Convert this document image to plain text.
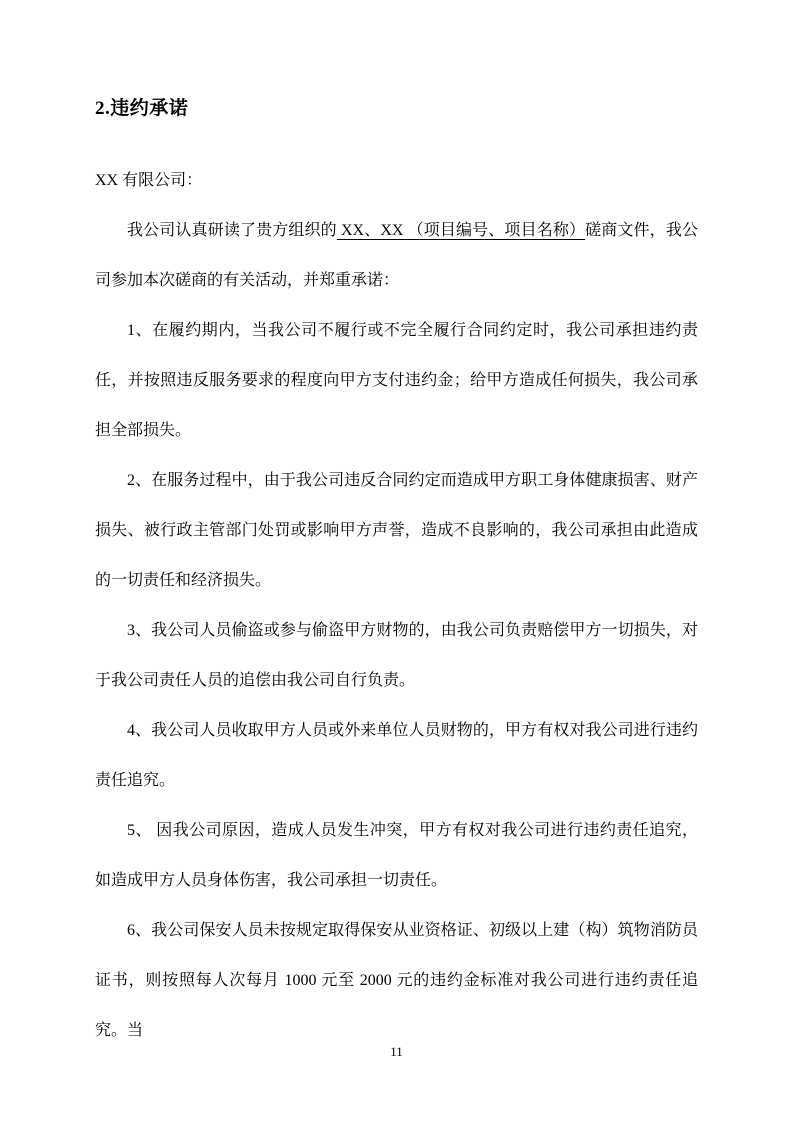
2.违约承诺

XX 有限公司：

我公司认真研读了贵方组织的 XX、XX （项目编号、项目名称）磋商文件，我公司参加本次磋商的有关活动，并郑重承诺：

1、在履约期内，当我公司不履行或不完全履行合同约定时，我公司承担违约责任，并按照违反服务要求的程度向甲方支付违约金；给甲方造成任何损失，我公司承担全部损失。

2、在服务过程中，由于我公司违反合同约定而造成甲方职工身体健康损害、财产损失、被行政主管部门处罚或影响甲方声誉，造成不良影响的，我公司承担由此造成的一切责任和经济损失。

3、我公司人员偷盗或参与偷盗甲方财物的，由我公司负责赔偿甲方一切损失，对于我公司责任人员的追偿由我公司自行负责。

4、我公司人员收取甲方人员或外来单位人员财物的，甲方有权对我公司进行违约责任追究。

5、 因我公司原因，造成人员发生冲突，甲方有权对我公司进行违约责任追究，如造成甲方人员身体伤害，我公司承担一切责任。

6、我公司保安人员未按规定取得保安从业资格证、初级以上建（构）筑物消防员证书，则按照每人次每月 1000 元至 2000 元的违约金标准对我公司进行违约责任追究。当

11
